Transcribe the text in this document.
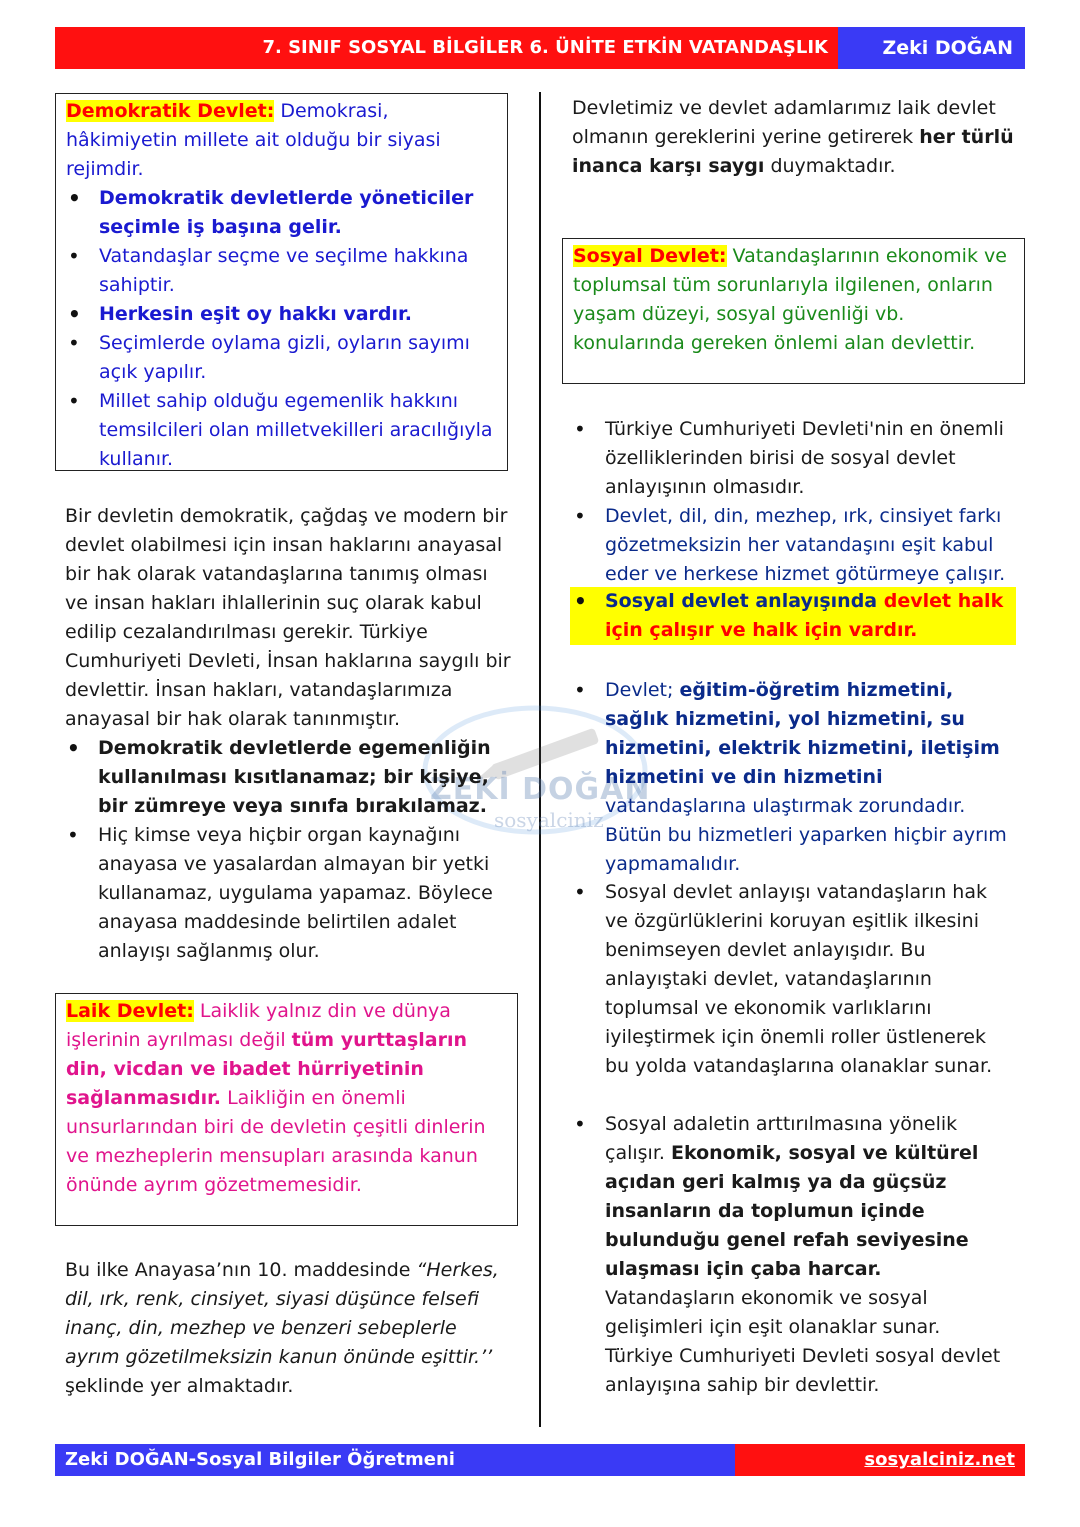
7. SINIF SOSYAL BİLGİLER 6. ÜNİTE ETKİN VATANDAŞLIK	Zeki DOĞAN
ZEKİ DOĞAN
sosyalciniz

Demokratik Devlet: Demokrasi, hâkimiyetin millete ait olduğu bir siyasi rejimdir.

• Demokratik devletlerde yöneticiler seçimle iş başına gelir.
• Vatandaşlar seçme ve seçilme hakkına sahiptir.
• Herkesin eşit oy hakkı vardır.
• Seçimlerde oylama gizli, oyların sayımı açık yapılır.
• Millet sahip olduğu egemenlik hakkını temsilcileri olan milletvekilleri aracılığıyla kullanır.

Bir devletin demokratik, çağdaş ve modern bir devlet olabilmesi için insan haklarını anayasal bir hak olarak vatandaşlarına tanımış olması ve insan hakları ihlallerinin suç olarak kabul edilip cezalandırılması gerekir. Türkiye Cumhuriyeti Devleti, İnsan haklarına saygılı bir devlettir. İnsan hakları, vatandaşlarımıza anayasal bir hak olarak tanınmıştır.

• Demokratik devletlerde egemenliğin kullanılması kısıtlanamaz; bir kişiye, bir zümreye veya sınıfa bırakılamaz.
• Hiç kimse veya hiçbir organ kaynağını anayasa ve yasalardan almayan bir yetki kullanamaz, uygulama yapamaz. Böylece anayasa maddesinde belirtilen adalet anlayışı sağlanmış olur.

Laik Devlet: Laiklik yalnız din ve dünya işlerinin ayrılması değil tüm yurttaşların din, vicdan ve ibadet hürriyetinin sağlanmasıdır. Laikliğin en önemli unsurlarından biri de devletin çeşitli dinlerin ve mezheplerin mensupları arasında kanun önünde ayrım gözetmemesidir.

Bu ilke Anayasa’nın 10. maddesinde “Herkes, dil, ırk, renk, cinsiyet, siyasi düşünce felsefi inanç, din, mezhep ve benzeri sebeplerle ayrım gözetilmeksizin kanun önünde eşittir.’’ şeklinde yer almaktadır.

Devletimiz ve devlet adamlarımız laik devlet olmanın gereklerini yerine getirerek her türlü inanca karşı saygı duymaktadır.

Sosyal Devlet: Vatandaşlarının ekonomik ve toplumsal tüm sorunlarıyla ilgilenen, onların yaşam düzeyi, sosyal güvenliği vb. konularında gereken önlemi alan devlettir.

• Türkiye Cumhuriyeti Devleti'nin en önemli özelliklerinden birisi de sosyal devlet anlayışının olmasıdır.
• Devlet, dil, din, mezhep, ırk, cinsiyet farkı gözetmeksizin her vatandaşını eşit kabul eder ve herkese hizmet götürmeye çalışır.
• Sosyal devlet anlayışında devlet halk için çalışır ve halk için vardır.
• Devlet; eğitim-öğretim hizmetini, sağlık hizmetini, yol hizmetini, su hizmetini, elektrik hizmetini, iletişim hizmetini ve din hizmetini vatandaşlarına ulaştırmak zorundadır. Bütün bu hizmetleri yaparken hiçbir ayrım yapmamalıdır.
• Sosyal devlet anlayışı vatandaşların hak ve özgürlüklerini koruyan eşitlik ilkesini benimseyen devlet anlayışıdır. Bu anlayıştaki devlet, vatandaşlarının toplumsal ve ekonomik varlıklarını iyileştirmek için önemli roller üstlenerek bu yolda vatandaşlarına olanaklar sunar.
• Sosyal adaletin arttırılmasına yönelik çalışır. Ekonomik, sosyal ve kültürel açıdan geri kalmış ya da güçsüz insanların da toplumun içinde bulunduğu genel refah seviyesine ulaşması için çaba harcar. Vatandaşların ekonomik ve sosyal gelişimleri için eşit olanaklar sunar. Türkiye Cumhuriyeti Devleti sosyal devlet anlayışına sahip bir devlettir.
Zeki DOĞAN-Sosyal Bilgiler Öğretmeni	sosyalciniz.net
